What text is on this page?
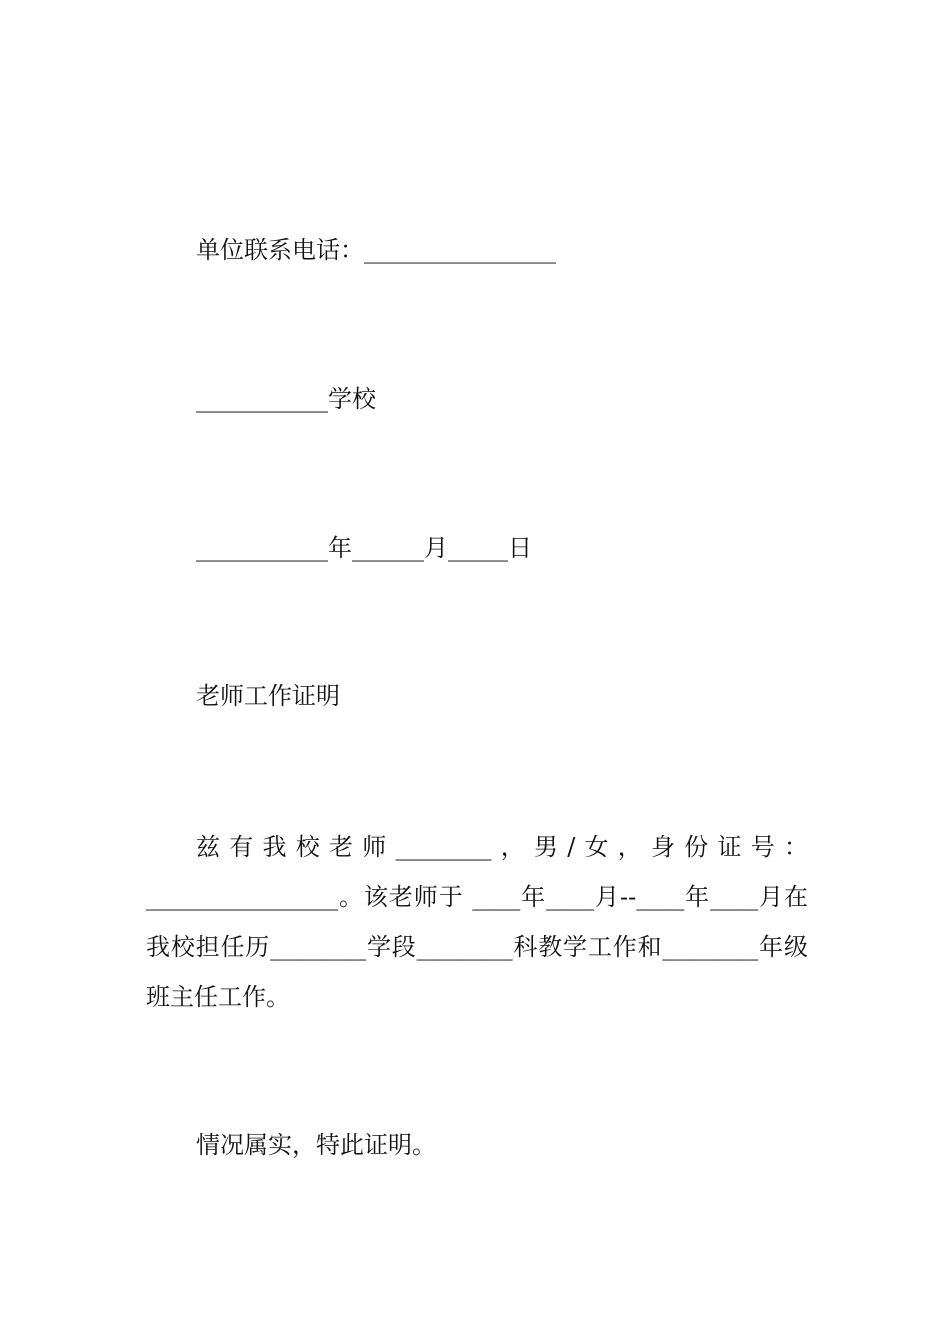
单位联系电话：________________
___________学校
___________年______月_____日
老师工作证明
兹有我校老师________，男/女，身份证号：________________。该老师于 ____年____月--____年____月在我校担任历________学段________科教学工作和________年级班主任工作。
情况属实，特此证明。
